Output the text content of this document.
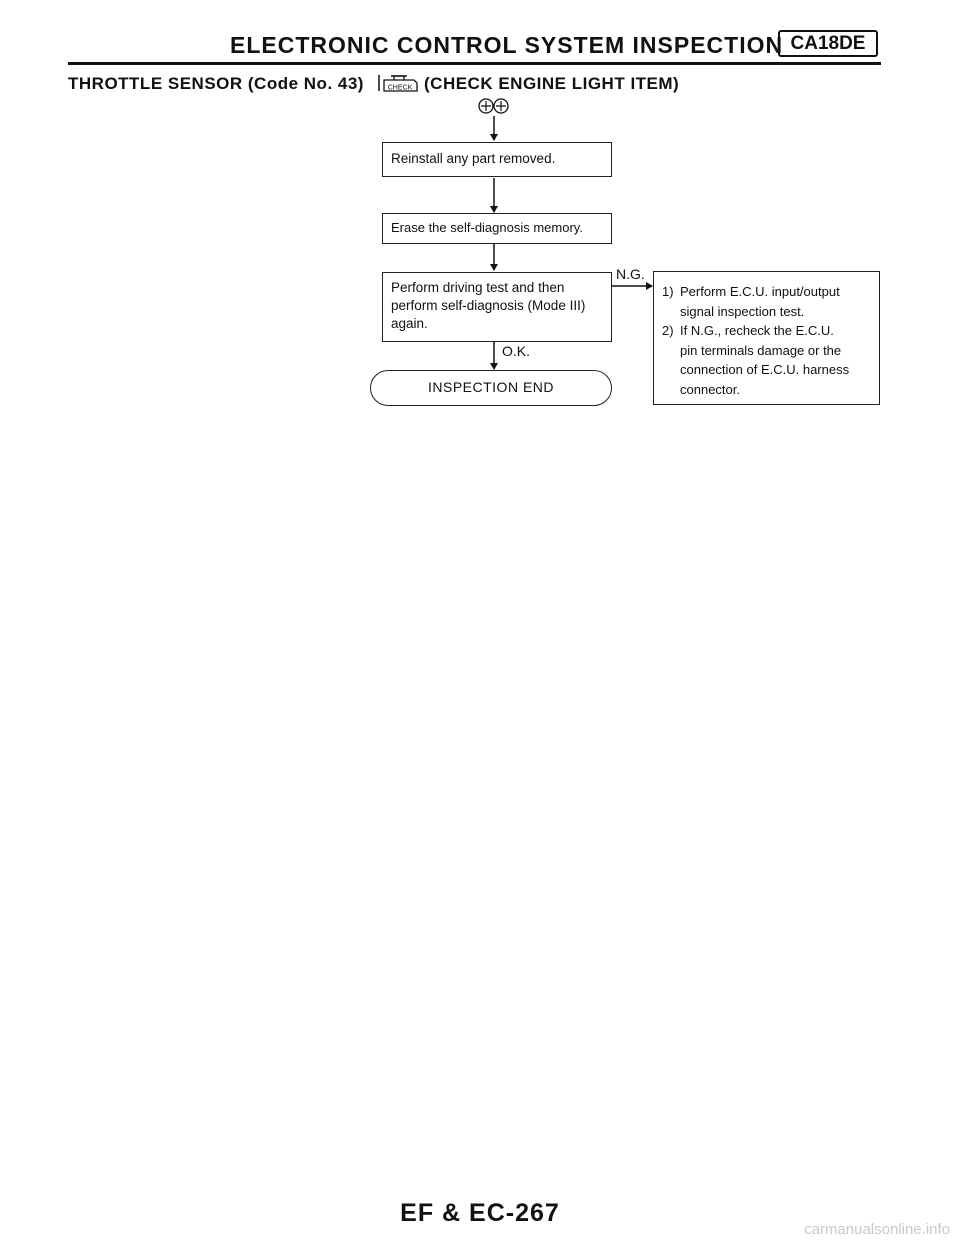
ELECTRONIC CONTROL SYSTEM INSPECTION CA18DE
THROTTLE SENSOR (Code No. 43)	CHECK (CHECK ENGINE LIGHT ITEM)
Reinstall any part removed.
Erase the self-diagnosis memory.
Perform driving test and then
perform self-diagnosis (Mode III)
again.
N.G.
O.K.
INSPECTION END
1) Perform E.C.U. input/output
signal inspection test.
2) If N.G., recheck the E.C.U.
pin terminals damage or the
connection of E.C.U. harness
connector.
EF & EC-267
carmanualsonline.info
